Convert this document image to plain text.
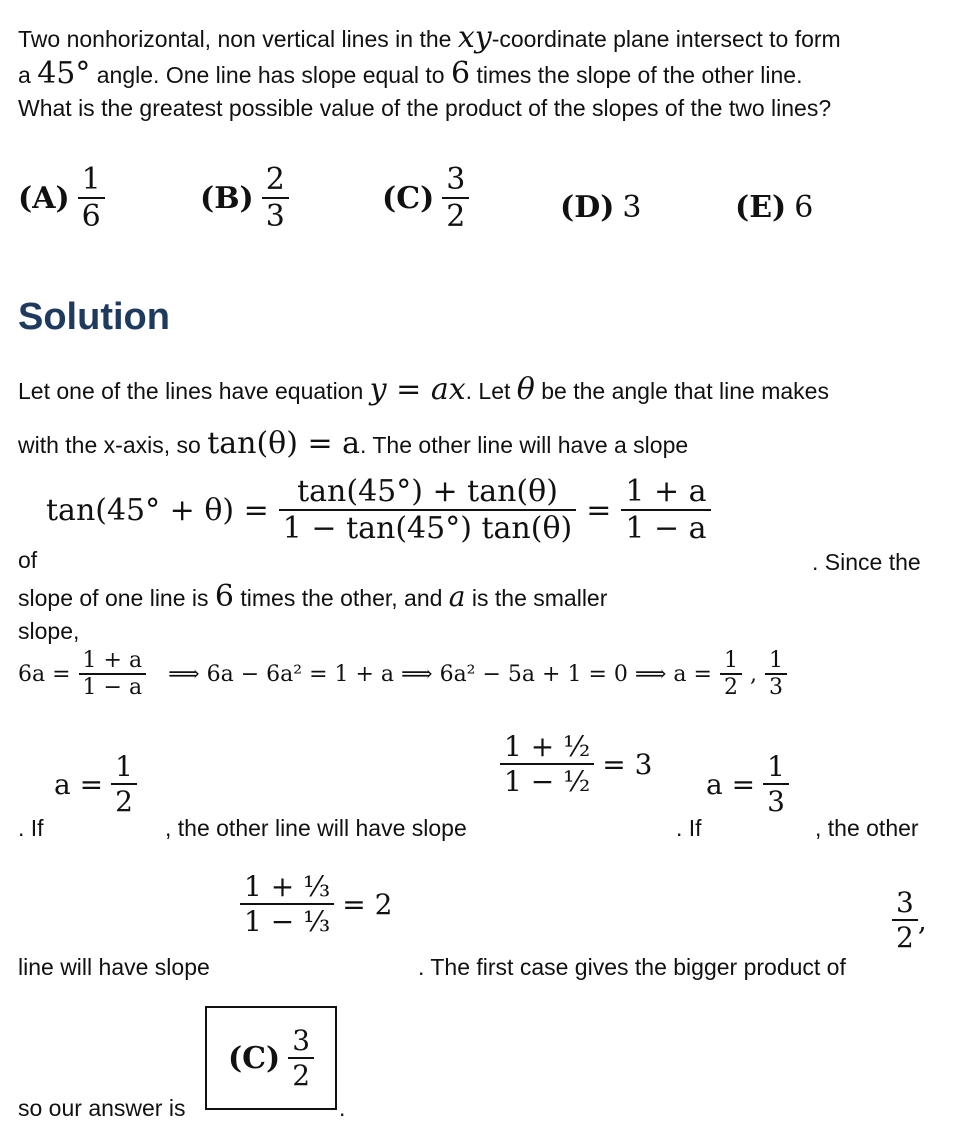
Two nonhorizontal, non vertical lines in the xy-coordinate plane intersect to form
a 45° angle. One line has slope equal to 6 times the slope of the other line.
What is the greatest possible value of the product of the slopes of the two lines?
$(A) \frac{1}{6}$	$(B) \frac{2}{3}$	$(C) \frac{3}{2}$	(D) 3	(E) 6
Solution
Let one of the lines have equation y = ax. Let θ be the angle that line makes
with the x-axis, so tan(θ) = a. The other line will have a slope
of
$\tan(45^\circ + \theta) = \frac{\tan(45^\circ) + \tan(\theta)}{1 - \tan(45^\circ) \tan(\theta)} = \frac{1 + a}{1 - a}$
. Since the
slope of one line is 6 times the other, and a is the smaller
slope,
$6a = \frac{1 + a}{1 - a}$ ⟹ 6a − 6a² = 1 + a ⟹ 6a² − 5a + 1 = 0 ⟹ $a = \frac{1}{2}$ , $\frac{1}{3}$
. If
$a = \frac{1}{2}$
, the other line will have slope
$\frac{\text{1 + ½}}{\text{1 − ½}} = 3$
. If
$a = \frac{1}{3}$
, the other
line will have slope
$\frac{\text{1 + ⅓}}{\text{1 − ⅓}} = 2$
. The first case gives the bigger product of
$\frac{3}{2}$ ,
so our answer is
$(C) \frac{3}{2}$
.
